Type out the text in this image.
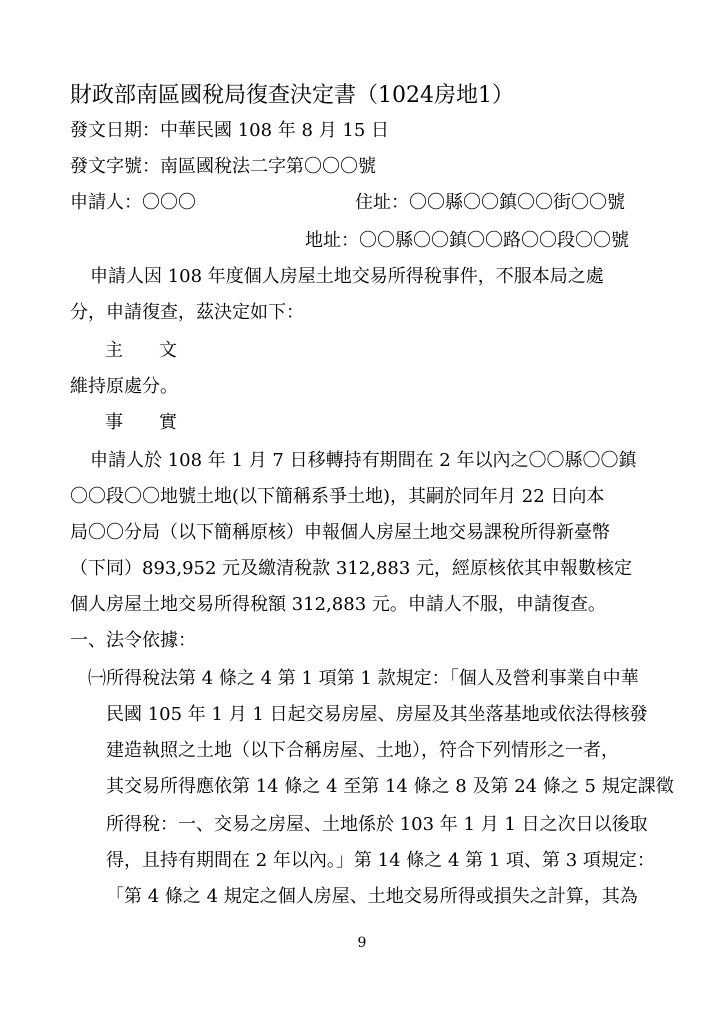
財政部南區國稅局復查決定書（1024房地1）
發文日期：中華民國 108 年 8 月 15 日
發文字號：南區國稅法二字第〇〇〇號
申請人：〇〇〇	住址：〇〇縣〇〇鎮〇〇街〇〇號
地址：〇〇縣〇〇鎮〇〇路〇〇段〇〇號
申請人因 108 年度個人房屋土地交易所得稅事件，不服本局之處
分，申請復查，茲決定如下：
主　　文
維持原處分。
事　　實
申請人於 108 年 1 月 7 日移轉持有期間在 2 年以內之〇〇縣〇〇鎮
〇〇段〇〇地號土地(以下簡稱系爭土地)，其嗣於同年月 22 日向本
局〇〇分局（以下簡稱原核）申報個人房屋土地交易課稅所得新臺幣
（下同）893,952 元及繳清稅款 312,883 元，經原核依其申報數核定
個人房屋土地交易所得稅額 312,883 元。申請人不服，申請復查。
一、法令依據：
㈠ 所得稅法第 4 條之 4 第 1 項第 1 款規定：「個人及營利事業自中華
民國 105 年 1 月 1 日起交易房屋、房屋及其坐落基地或依法得核發
建造執照之土地（以下合稱房屋、土地），符合下列情形之一者，
其交易所得應依第 14 條之 4 至第 14 條之 8 及第 24 條之 5 規定課徵
所得稅：一、交易之房屋、土地係於 103 年 1 月 1 日之次日以後取
得，且持有期間在 2 年以內。」第 14 條之 4 第 1 項、第 3 項規定：
「第 4 條之 4 規定之個人房屋、土地交易所得或損失之計算，其為
9
